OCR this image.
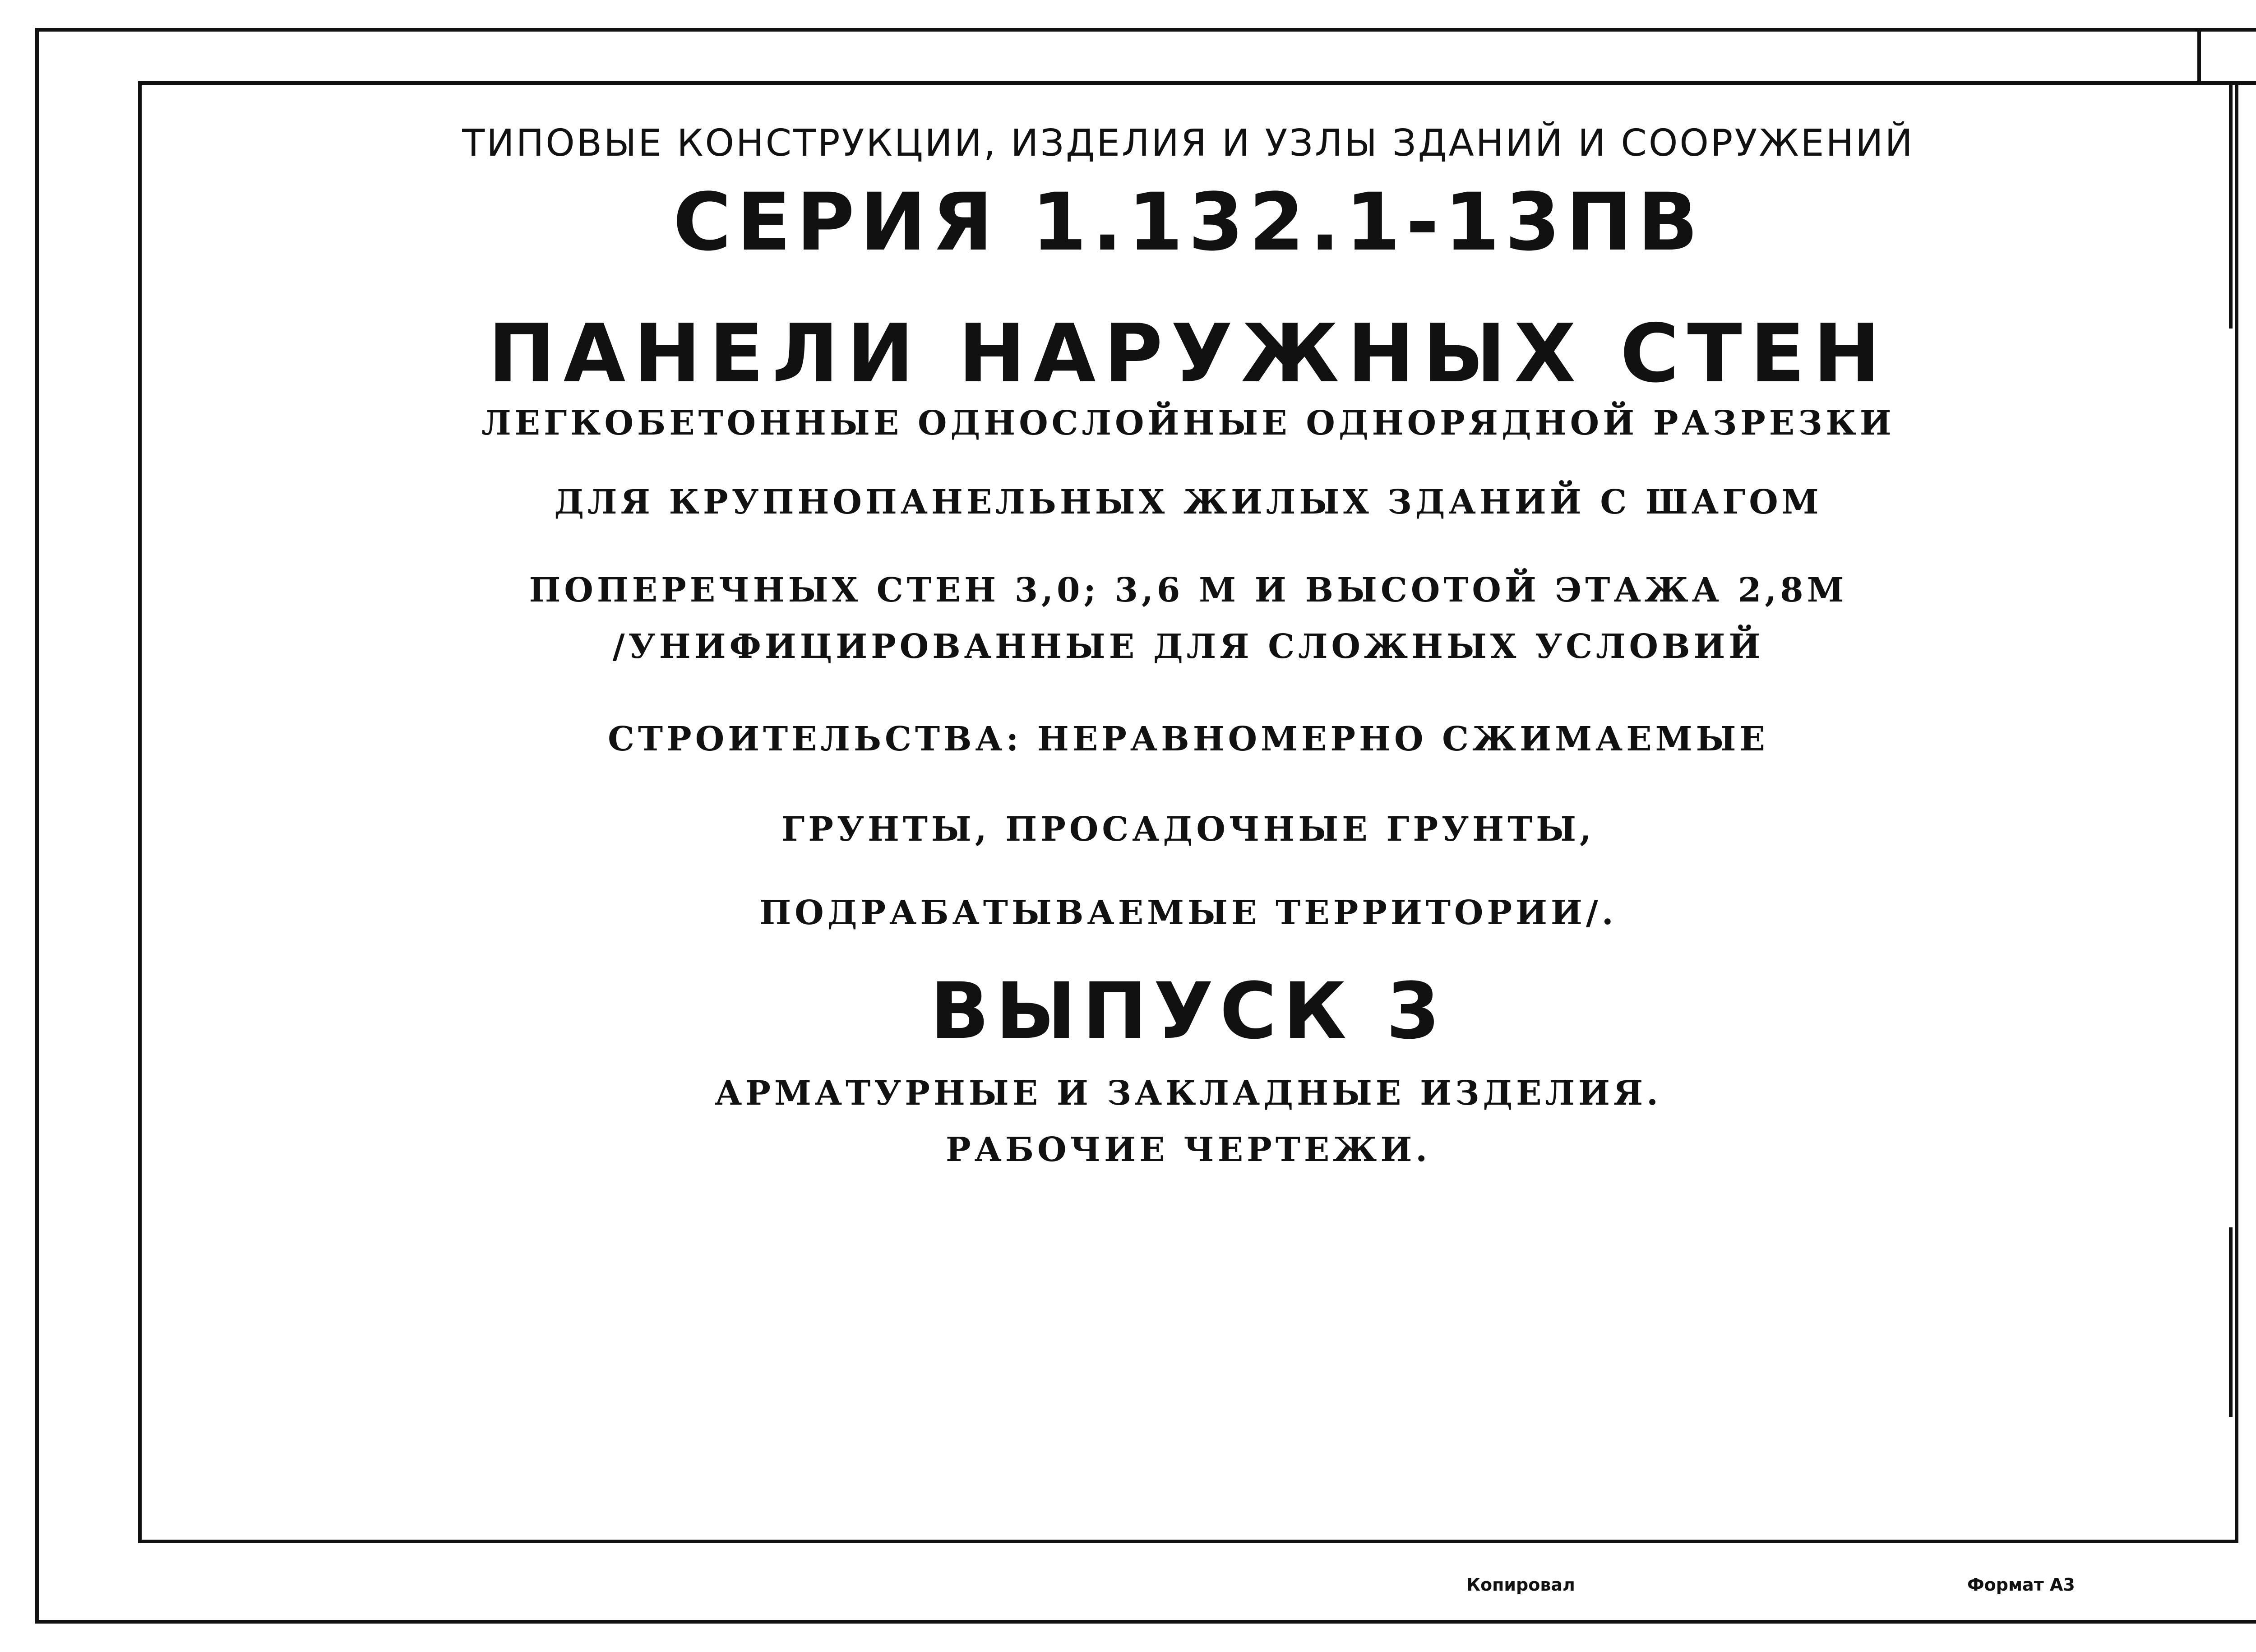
ТИПОВЫЕ КОНСТРУКЦИИ, ИЗДЕЛИЯ И УЗЛЫ ЗДАНИЙ И СООРУЖЕНИЙ
СЕРИЯ 1.132.1-13ПВ
ПАНЕЛИ НАРУЖНЫХ СТЕН
ЛЕГКОБЕТОННЫЕ ОДНОСЛОЙНЫЕ ОДНОРЯДНОЙ РАЗРЕЗКИ
ДЛЯ КРУПНОПАНЕЛЬНЫХ ЖИЛЫХ ЗДАНИЙ С ШАГОМ
ПОПЕРЕЧНЫХ СТЕН 3,0; 3,6 М И ВЫСОТОЙ ЭТАЖА 2,8М
/УНИФИЦИРОВАННЫЕ ДЛЯ СЛОЖНЫХ УСЛОВИЙ
СТРОИТЕЛЬСТВА: НЕРАВНОМЕРНО СЖИМАЕМЫЕ
ГРУНТЫ, ПРОСАДОЧНЫЕ ГРУНТЫ,
ПОДРАБАТЫВАЕМЫЕ ТЕРРИТОРИИ/.
ВЫПУСК 3
АРМАТУРНЫЕ И ЗАКЛАДНЫЕ ИЗДЕЛИЯ.
РАБОЧИЕ ЧЕРТЕЖИ.
Копировал	Формат А3
